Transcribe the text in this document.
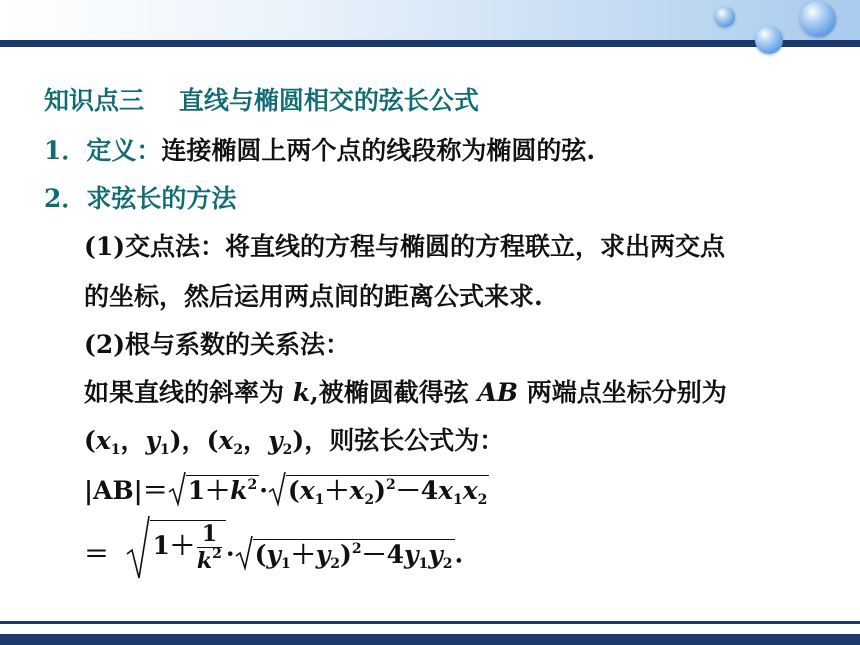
知识点三 直线与椭圆相交的弦长公式
1．定义：连接椭圆上两个点的线段称为椭圆的弦.
2．求弦长的方法
(1)交点法：将直线的方程与椭圆的方程联立，求出两交点
的坐标，然后运用两点间的距离公式来求.
(2)根与系数的关系法：
如果直线的斜率为 k,被椭圆截得弦 AB 两端点坐标分别为
($x_1$，$y_1$)，($x_2$，$y_2$)，则弦长公式为：
$|AB|= 1+k^2\cdot (x_1+x_2)^2-4x_1x_2$
＝ $1+ \frac{1}{k^2} \cdot (y_1+y_2)^2-4y_1y_2$.
